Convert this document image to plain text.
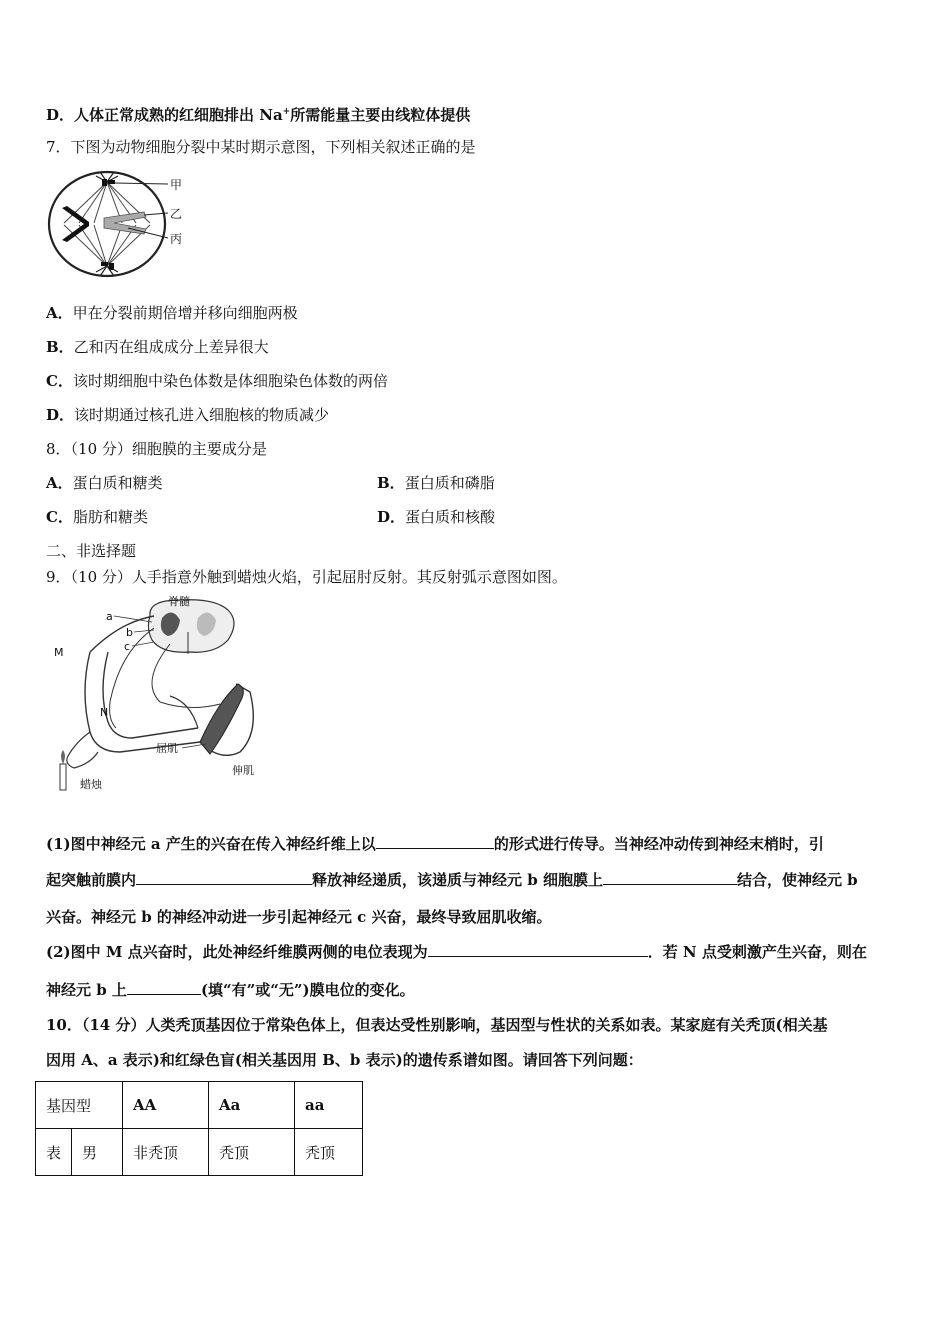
D．人体正常成熟的红细胞排出 Na+所需能量主要由线粒体提供
7．下图为动物细胞分裂中某时期示意图，下列相关叙述正确的是
甲
乙
丙
A．甲在分裂前期倍增并移向细胞两极
B．乙和丙在组成成分上差异很大
C．该时期细胞中染色体数是体细胞染色体数的两倍
D．该时期通过核孔进入细胞核的物质减少
8．（10 分）细胞膜的主要成分是
A．蛋白质和糖类	B．蛋白质和磷脂
C．脂肪和糖类	D．蛋白质和核酸
二、非选择题
9．（10 分）人手指意外触到蜡烛火焰，引起屈肘反射。其反射弧示意图如图。
脊髓
a
b
c
M
N
屈肌
伸肌
蜡烛
(1)图中神经元 a 产生的兴奋在传入神经纤维上以	的形式进行传导。当神经冲动传到神经末梢时，引
起突触前膜内	释放神经递质，该递质与神经元 b 细胞膜上	结合，使神经元 b
兴奋。神经元 b 的神经冲动进一步引起神经元 c 兴奋，最终导致屈肌收缩。
(2)图中 M 点兴奋时，此处神经纤维膜两侧的电位表现为	．若 N 点受刺激产生兴奋，则在
神经元 b 上	(填“有”或“无”)膜电位的变化。
10．（14 分）人类秃顶基因位于常染色体上，但表达受性别影响，基因型与性状的关系如表。某家庭有关秃顶(相关基
因用 A、a 表示)和红绿色盲(相关基因用 B、b 表示)的遗传系谱如图。请回答下列问题：
基因型		AA	Aa	aa
表	男	非秃顶	秃顶	秃顶
